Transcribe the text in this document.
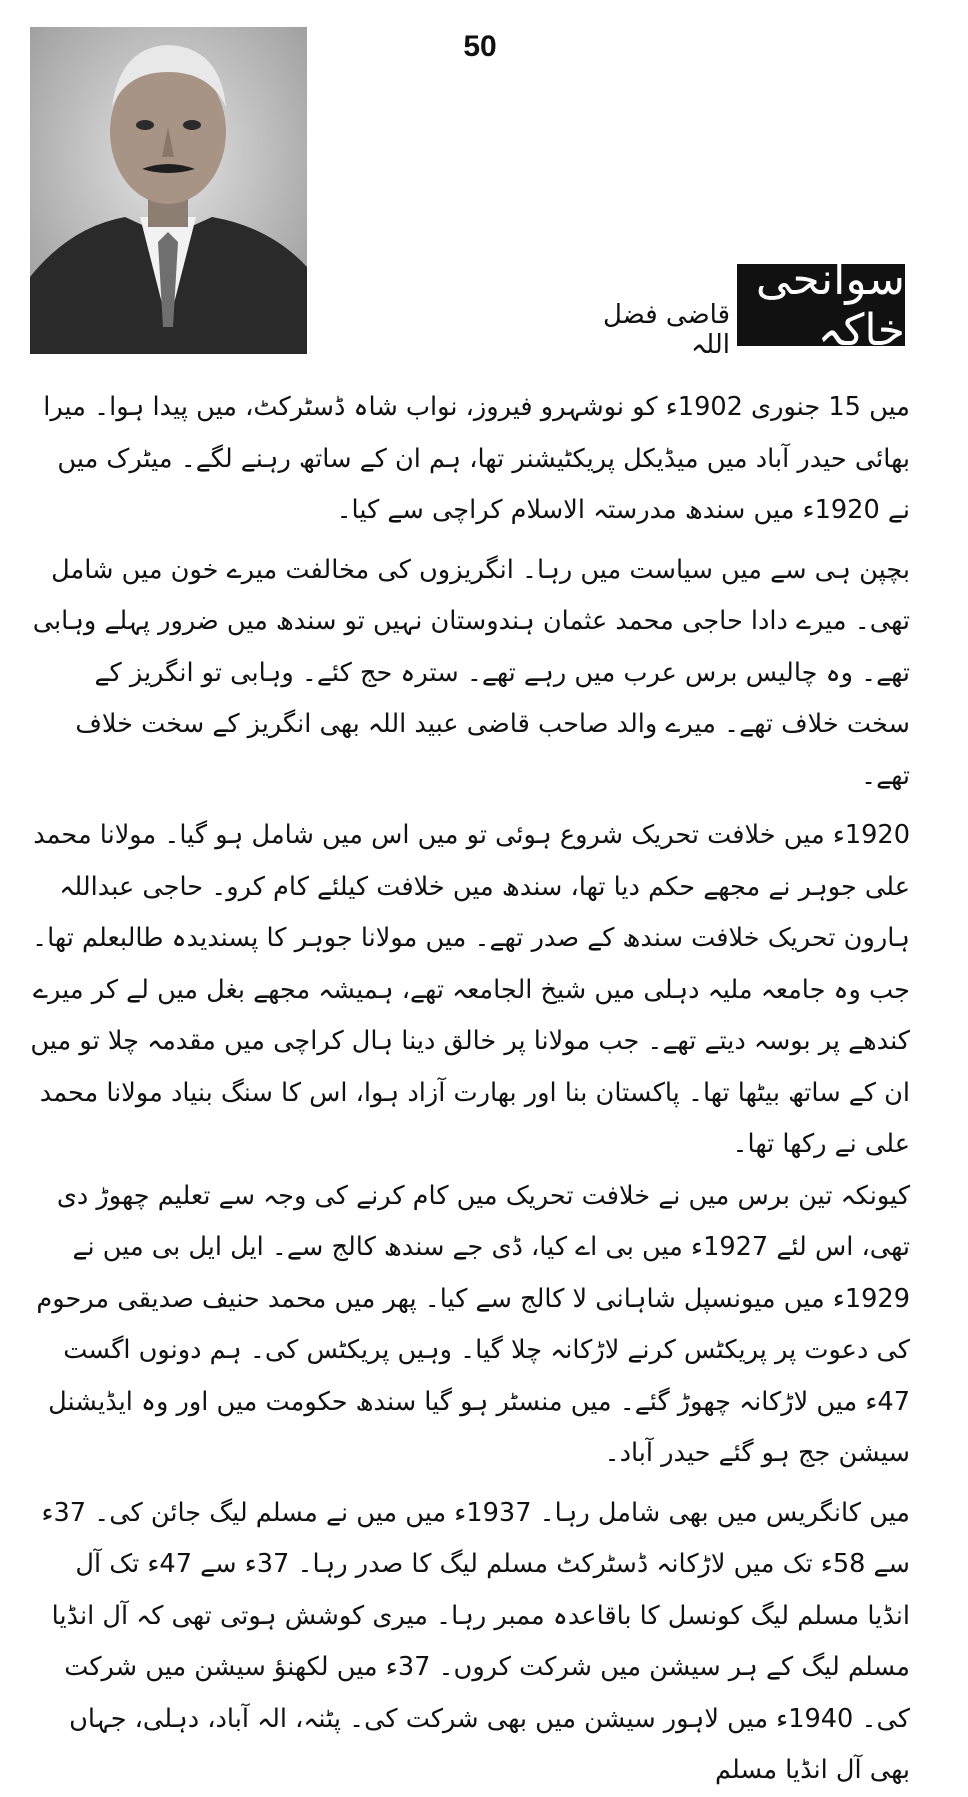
50
سوانحی خاکہ
قاضی فضل اللہ

میں 15 جنوری 1902ء کو نوشہرو فیروز، نواب شاہ ڈسٹرکٹ، میں پیدا ہوا۔ میرا بھائی حیدر آباد میں میڈیکل پریکٹیشنر تھا، ہم ان کے ساتھ رہنے لگے۔ میٹرک میں نے 1920ء میں سندھ مدرستہ الاسلام کراچی سے کیا۔

بچپن ہی سے میں سیاست میں رہا۔ انگریزوں کی مخالفت میرے خون میں شامل تھی۔ میرے دادا حاجی محمد عثمان ہندوستان نہیں تو سندھ میں ضرور پہلے وہابی تھے۔ وہ چالیس برس عرب میں رہے تھے۔ سترہ حج کئے۔ وہابی تو انگریز کے سخت خلاف تھے۔ میرے والد صاحب قاضی عبید اللہ بھی انگریز کے سخت خلاف تھے۔

1920ء میں خلافت تحریک شروع ہوئی تو میں اس میں شامل ہو گیا۔ مولانا محمد علی جوہر نے مجھے حکم دیا تھا، سندھ میں خلافت کیلئے کام کرو۔ حاجی عبداللہ ہارون تحریک خلافت سندھ کے صدر تھے۔ میں مولانا جوہر کا پسندیدہ طالبعلم تھا۔ جب وہ جامعہ ملیہ دہلی میں شیخ الجامعہ تھے، ہمیشہ مجھے بغل میں لے کر میرے کندھے پر بوسہ دیتے تھے۔ جب مولانا پر خالق دینا ہال کراچی میں مقدمہ چلا تو میں ان کے ساتھ بیٹھا تھا۔ پاکستان بنا اور بھارت آزاد ہوا، اس کا سنگ بنیاد مولانا محمد علی نے رکھا تھا۔

کیونکہ تین برس میں نے خلافت تحریک میں کام کرنے کی وجہ سے تعلیم چھوڑ دی تھی، اس لئے 1927ء میں بی اے کیا، ڈی جے سندھ کالج سے۔ ایل ایل بی میں نے 1929ء میں میونسپل شاہانی لا کالج سے کیا۔ پھر میں محمد حنیف صدیقی مرحوم کی دعوت پر پریکٹس کرنے لاڑکانہ چلا گیا۔ وہیں پریکٹس کی۔ ہم دونوں اگست 47ء میں لاڑکانہ چھوڑ گئے۔ میں منسٹر ہو گیا سندھ حکومت میں اور وہ ایڈیشنل سیشن جج ہو گئے حیدر آباد۔

میں کانگریس میں بھی شامل رہا۔ 1937ء میں میں نے مسلم لیگ جائن کی۔ 37ء سے 58ء تک میں لاڑکانہ ڈسٹرکٹ مسلم لیگ کا صدر رہا۔ 37ء سے 47ء تک آل انڈیا مسلم لیگ کونسل کا باقاعدہ ممبر رہا۔ میری کوشش ہوتی تھی کہ آل انڈیا مسلم لیگ کے ہر سیشن میں شرکت کروں۔ 37ء میں لکھنؤ سیشن میں شرکت کی۔ 1940ء میں لاہور سیشن میں بھی شرکت کی۔ پٹنہ، الہ آباد، دہلی، جہاں بھی آل انڈیا مسلم
